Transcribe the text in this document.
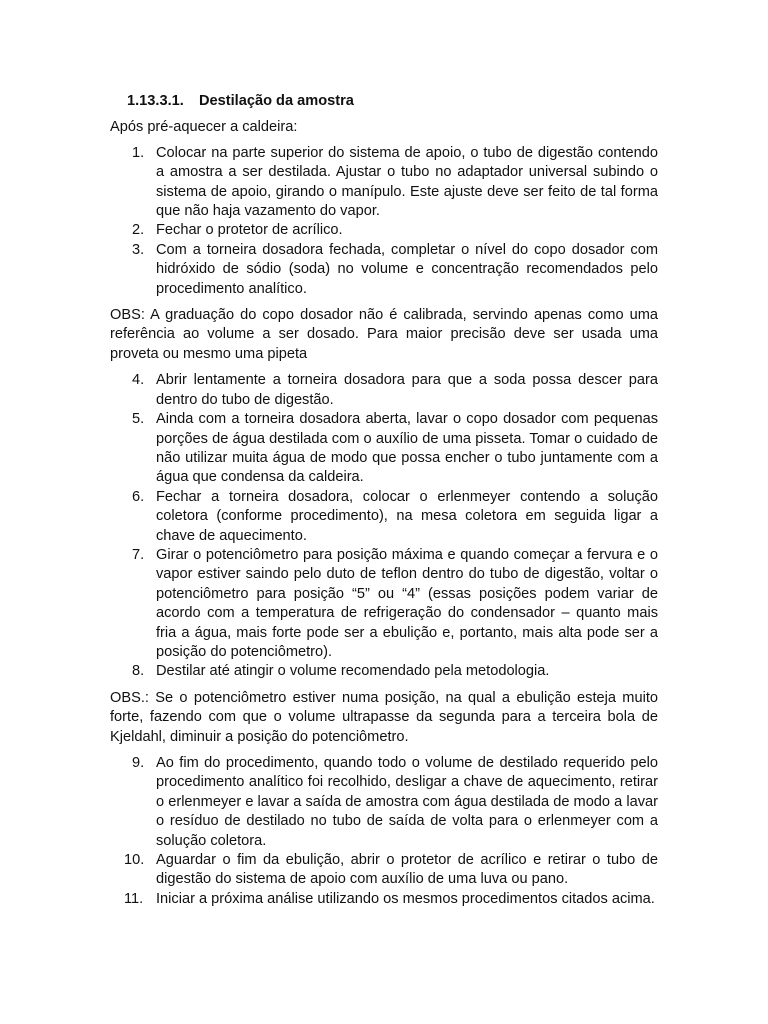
1.13.3.1. Destilação da amostra

Após pré-aquecer a caldeira:

1. Colocar na parte superior do sistema de apoio, o tubo de digestão contendo a amostra a ser destilada. Ajustar o tubo no adaptador universal subindo o sistema de apoio, girando o manípulo. Este ajuste deve ser feito de tal forma que não haja vazamento do vapor.
2. Fechar o protetor de acrílico.
3. Com a torneira dosadora fechada, completar o nível do copo dosador com hidróxido de sódio (soda) no volume e concentração recomendados pelo procedimento analítico.

OBS: A graduação do copo dosador não é calibrada, servindo apenas como uma referência ao volume a ser dosado. Para maior precisão deve ser usada uma proveta ou mesmo uma pipeta

4. Abrir lentamente a torneira dosadora para que a soda possa descer para dentro do tubo de digestão.
5. Ainda com a torneira dosadora aberta, lavar o copo dosador com pequenas porções de água destilada com o auxílio de uma pisseta. Tomar o cuidado de não utilizar muita água de modo que possa encher o tubo juntamente com a água que condensa da caldeira.
6. Fechar a torneira dosadora, colocar o erlenmeyer contendo a solução coletora (conforme procedimento), na mesa coletora em seguida ligar a chave de aquecimento.
7. Girar o potenciômetro para posição máxima e quando começar a fervura e o vapor estiver saindo pelo duto de teflon dentro do tubo de digestão, voltar o potenciômetro para posição “5” ou “4” (essas posições podem variar de acordo com a temperatura de refrigeração do condensador – quanto mais fria a água, mais forte pode ser a ebulição e, portanto, mais alta pode ser a posição do potenciômetro).
8. Destilar até atingir o volume recomendado pela metodologia.

OBS.: Se o potenciômetro estiver numa posição, na qual a ebulição esteja muito forte, fazendo com que o volume ultrapasse da segunda para a terceira bola de Kjeldahl, diminuir a posição do potenciômetro.

9. Ao fim do procedimento, quando todo o volume de destilado requerido pelo procedimento analítico foi recolhido, desligar a chave de aquecimento, retirar o erlenmeyer e lavar a saída de amostra com água destilada de modo a lavar o resíduo de destilado no tubo de saída de volta para o erlenmeyer com a solução coletora.
10. Aguardar o fim da ebulição, abrir o protetor de acrílico e retirar o tubo de digestão do sistema de apoio com auxílio de uma luva ou pano.
11. Iniciar a próxima análise utilizando os mesmos procedimentos citados acima.
